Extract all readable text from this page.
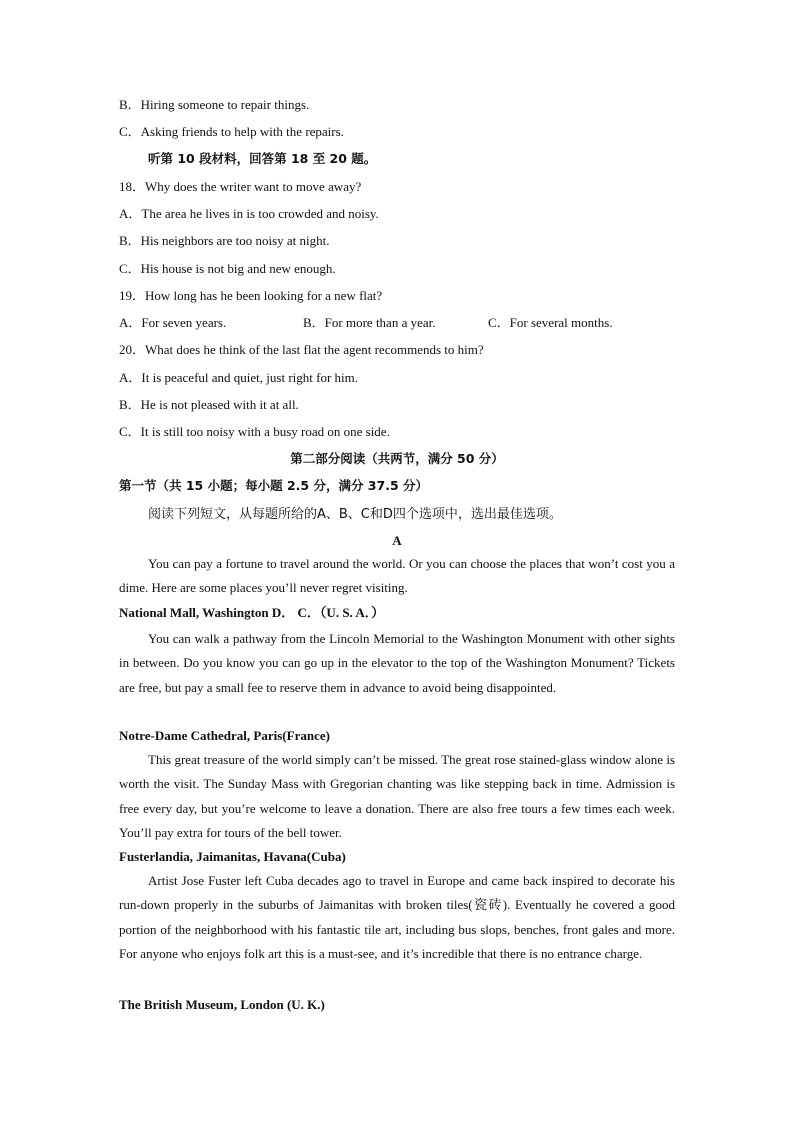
B．Hiring someone to repair things.
C．Asking friends to help with the repairs.
听第 10 段材料，回答第 18 至 20 题。
18．Why does the writer want to move away?
A．The area he lives in is too crowded and noisy.
B．His neighbors are too noisy at night.
C．His house is not big and new enough.
19．How long has he been looking for a new flat?
A．For seven years.	B．For more than a year.	C．For several months.
20．What does he think of the last flat the agent recommends to him?
A．It is peaceful and quiet, just right for him.
B．He is not pleased with it at all.
C．It is still too noisy with a busy road on one side.
第二部分阅读（共两节，满分 50 分）
第一节（共 15 小题；每小题 2.5 分，满分 37.5 分）
阅读下列短文，从每题所给的A、B、C和D四个选项中，选出最佳选项。
A
You can pay a fortune to travel around the world. Or you can choose the places that won’t cost you a dime. Here are some places you’ll never regret visiting.
National Mall, Washington D． C．（U. S. A．）
You can walk a pathway from the Lincoln Memorial to the Washington Monument with other sights in between. Do you know you can go up in the elevator to the top of the Washington Monument? Tickets are free, but pay a small fee to reserve them in advance to avoid being disappointed.
Notre-Dame Cathedral, Paris(France)
This great treasure of the world simply can’t be missed. The great rose stained-glass window alone is worth the visit. The Sunday Mass with Gregorian chanting was like stepping back in time. Admission is free every day, but you’re welcome to leave a donation. There are also free tours a few times each week. You’ll pay extra for tours of the bell tower.
Fusterlandia, Jaimanitas, Havana(Cuba)
Artist Jose Fuster left Cuba decades ago to travel in Europe and came back inspired to decorate his run-down properly in the suburbs of Jaimanitas with broken tiles(瓷砖). Eventually he covered a good portion of the neighborhood with his fantastic tile art, including bus slops, benches, front gales and more. For anyone who enjoys folk art this is a must-see, and it’s incredible that there is no entrance charge.
The British Museum, London (U. K.)
